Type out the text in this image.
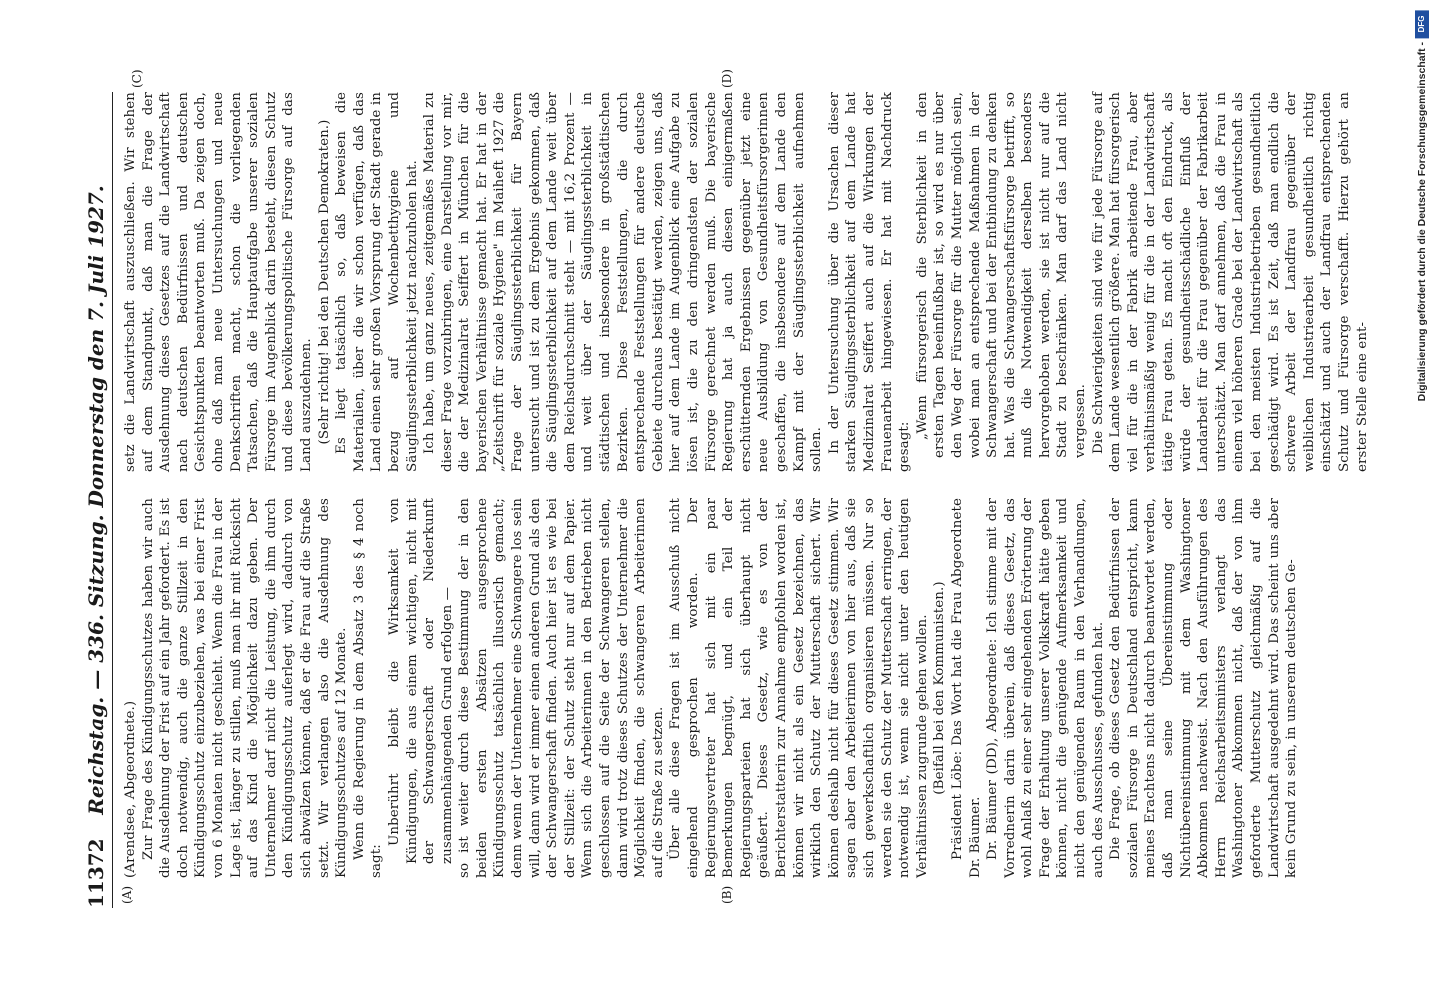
11372
Reichstag. — 336. Sitzung. Donnerstag den 7. Juli 1927.
(A)	(B)
(C)	(D)

(Arendsee, Abgeordnete.) Zur Frage des Kündigungsschutzes haben wir auch die Ausdehnung der Frist auf ein Jahr gefordert. Es ist doch notwendig, auch die ganze Stillzeit in den Kündigungsschutz einzubeziehen, was bei einer Frist von 6 Monaten nicht geschieht. Wenn die Frau in der Lage ist, länger zu stillen, muß man ihr mit Rücksicht auf das Kind die Möglichkeit dazu geben. Der Unternehmer darf nicht die Leistung, die ihm durch den Kündigungsschutz auferlegt wird, dadurch von sich abwälzen können, daß er die Frau auf die Straße setzt. Wir verlangen also die Ausdehnung des Kündigungsschutzes auf 12 Monate. Wenn die Regierung in dem Absatz 3 des § 4 noch sagt:

Unberührt bleibt die Wirksamkeit von Kündigungen, die aus einem wichtigen, nicht mit der Schwangerschaft oder Niederkunft zusammenhängenden Grund erfolgen — so ist weiter durch diese Bestimmung der in den beiden ersten Absätzen ausgesprochene Kündigungsschutz tatsächlich illusorisch gemacht; denn wenn der Unternehmer eine Schwangere los sein will, dann wird er immer einen anderen Grund als den der Schwangerschaft finden. Auch hier ist es wie bei der Stillzeit: der Schutz steht nur auf dem Papier. Wenn sich die Arbeiterinnen in den Betrieben nicht geschlossen auf die Seite der Schwangeren stellen, dann wird trotz dieses Schutzes der Unternehmer die Möglichkeit finden, die schwangeren Arbeiterinnen auf die Straße zu setzen. Über alle diese Fragen ist im Ausschuß nicht eingehend gesprochen worden. Der Regierungsvertreter hat sich mit ein paar Bemerkungen begnügt, und ein Teil der Regierungsparteien hat sich überhaupt nicht geäußert. Dieses Gesetz, wie es von der Berichterstatterin zur Annahme empfohlen worden ist, können wir nicht als ein Gesetz bezeichnen, das wirklich den Schutz der Mutterschaft sichert. Wir können deshalb nicht für dieses Gesetz stimmen. Wir sagen aber den Arbeiterinnen von hier aus, daß sie sich gewerkschaftlich organisieren müssen. Nur so werden sie den Schutz der Mutterschaft erringen, der notwendig ist, wenn sie nicht unter den heutigen Verhältnissen zugrunde gehen wollen. (Beifall bei den Kommunisten.) Präsident Löbe: Das Wort hat die Frau Abgeordnete Dr. Bäumer. Dr. Bäumer (DD), Abgeordnete: Ich stimme mit der Vorrednerin darin überein, daß dieses Gesetz, das wohl Anlaß zu einer sehr eingehenden Erörterung der Frage der Erhaltung unserer Volkskraft hätte geben können, nicht die genügende Aufmerksamkeit und nicht den genügenden Raum in den Verhandlungen, auch des Ausschusses, gefunden hat. Die Frage, ob dieses Gesetz den Bedürfnissen der sozialen Fürsorge in Deutschland entspricht, kann meines Erachtens nicht dadurch beantwortet werden, daß man seine Übereinstimmung oder Nichtübereinstimmung mit dem Washingtoner Abkommen nachweist. Nach den Ausführungen des Herrn Reichsarbeitsministers verlangt das Washingtoner Abkommen nicht, daß der von ihm geforderte Mutterschutz gleichmäßig auf die Landwirtschaft ausgedehnt wird. Das scheint uns aber kein Grund zu sein, in unserem deutschen Ge-

setz die Landwirtschaft auszuschließen. Wir stehen auf dem Standpunkt, daß man die Frage der Ausdehnung dieses Gesetzes auf die Landwirtschaft nach deutschen Bedürfnissen und deutschen Gesichtspunkten beantworten muß. Da zeigen doch, ohne daß man neue Untersuchungen und neue Denkschriften macht, schon die vorliegenden Tatsachen, daß die Hauptaufgabe unserer sozialen Fürsorge im Augenblick darin besteht, diesen Schutz und diese bevölkerungspolitische Fürsorge auf das Land auszudehnen. (Sehr richtig! bei den Deutschen Demokraten.) Es liegt tatsächlich so, daß beweisen die Materialien, über die wir schon verfügen, daß das Land einen sehr großen Vorsprung der Stadt gerade in bezug auf Wochenbetthygiene und Säuglingssterblichkeit jetzt nachzuholen hat. Ich habe, um ganz neues, zeitgemäßes Material zu dieser Frage vorzubringen, eine Darstellung vor mir, die der Medizinalrat Seiffert in München für die bayerischen Verhältnisse gemacht hat. Er hat in der „Zeitschrift für soziale Hygiene" im Maiheft 1927 die Frage der Säuglingssterblichkeit für Bayern untersucht und ist zu dem Ergebnis gekommen, daß die Säuglingssterblichkeit auf dem Lande weit über dem Reichsdurchschnitt steht — mit 16,2 Prozent — und weit über der Säuglingssterblichkeit in städtischen und insbesondere in großstädtischen Bezirken. Diese Feststellungen, die durch entsprechende Feststellungen für andere deutsche Gebiete durchaus bestätigt werden, zeigen uns, daß hier auf dem Lande im Augenblick eine Aufgabe zu lösen ist, die zu den dringendsten der sozialen Fürsorge gerechnet werden muß. Die bayerische Regierung hat ja auch diesen einigermaßen erschütternden Ergebnissen gegenüber jetzt eine neue Ausbildung von Gesundheitsfürsorgerinnen geschaffen, die insbesondere auf dem Lande den Kampf mit der Säuglingssterblichkeit aufnehmen sollen. In der Untersuchung über die Ursachen dieser starken Säuglingssterblichkeit auf dem Lande hat Medizinalrat Seiffert auch auf die Wirkungen der Frauenarbeit hingewiesen. Er hat mit Nachdruck gesagt:

„Wenn fürsorgerisch die Sterblichkeit in den ersten Tagen beeinflußbar ist, so wird es nur über den Weg der Fürsorge für die Mutter möglich sein, wobei man an entsprechende Maßnahmen in der Schwangerschaft und bei der Entbindung zu denken hat. Was die Schwangerschaftsfürsorge betrifft, so muß die Notwendigkeit derselben besonders hervorgehoben werden, sie ist nicht nur auf die Stadt zu beschränken. Man darf das Land nicht vergessen. Die Schwierigkeiten sind wie für jede Fürsorge auf dem Lande wesentlich größere. Man hat fürsorgerisch viel für die in der Fabrik arbeitende Frau, aber verhältnismäßig wenig für die in der Landwirtschaft tätige Frau getan. Es macht oft den Eindruck, als würde der gesundheitsschädliche Einfluß der Landarbeit für die Frau gegenüber der Fabrikarbeit unterschätzt. Man darf annehmen, daß die Frau in einem viel höheren Grade bei der Landwirtschaft als bei den meisten Industriebetrieben gesundheitlich geschädigt wird. Es ist Zeit, daß man endlich die schwere Arbeit der Landfrau gegenüber der weiblichen Industriearbeit gesundheitlich richtig einschätzt und auch der Landfrau entsprechenden Schutz und Fürsorge verschafft. Hierzu gehört an erster Stelle eine ent-	Digitalisierung gefördert durch die Deutsche Forschungsgemeinschaft -
DFG
